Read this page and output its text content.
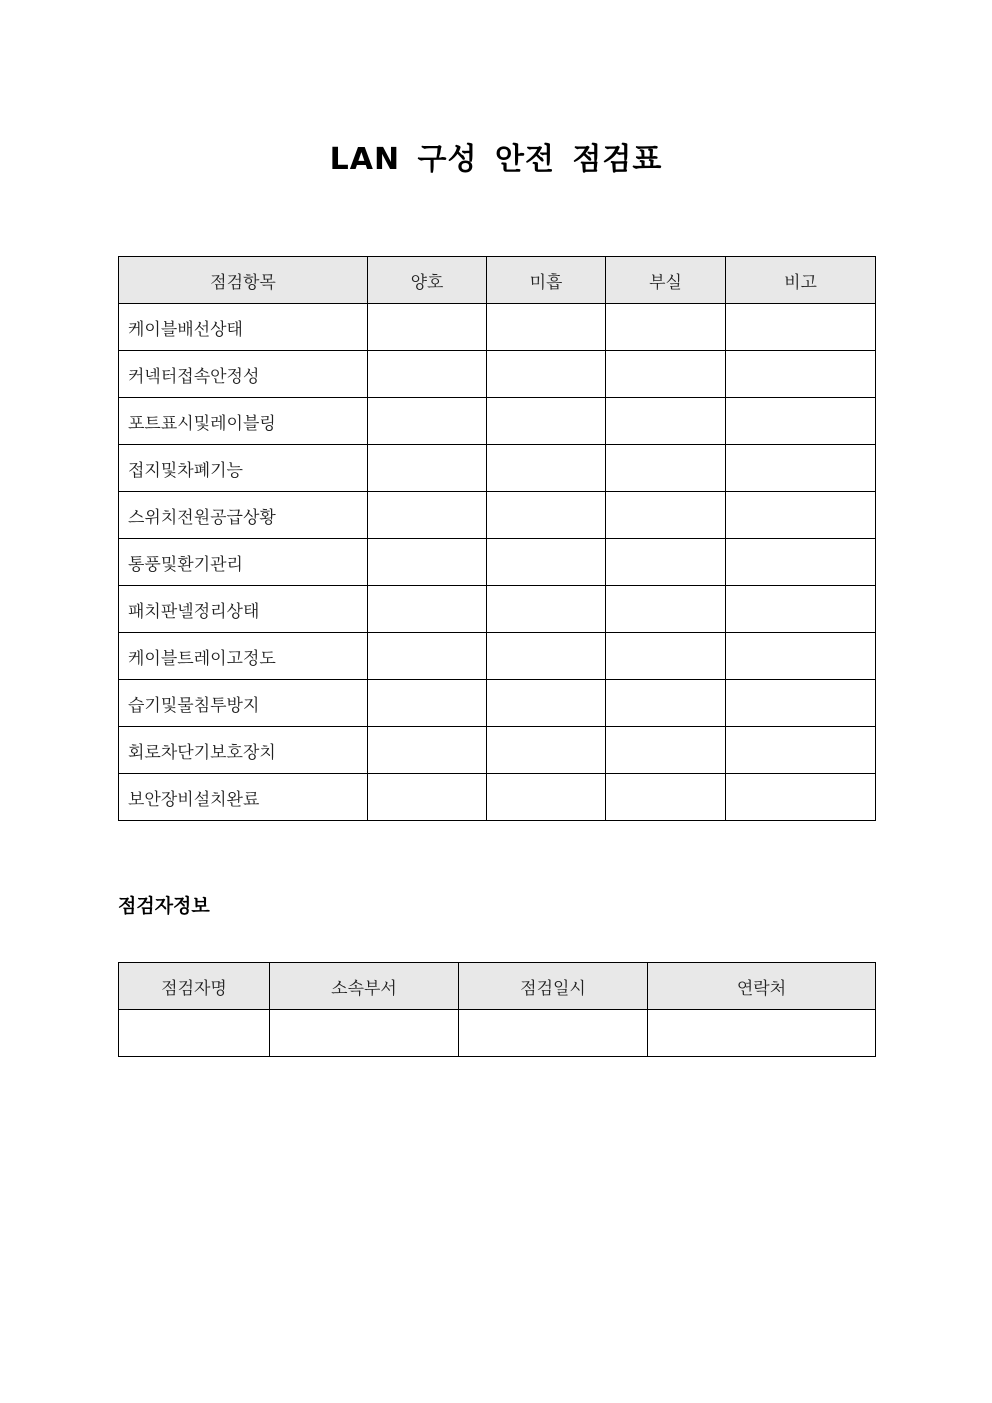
LAN 구성 안전 점검표
점검항목	양호	미흡	부실	비고
케이블배선상태				
커넥터접속안정성				
포트표시및레이블링				
접지및차폐기능				
스위치전원공급상황				
통풍및환기관리				
패치판넬정리상태				
케이블트레이고정도				
습기및물침투방지				
회로차단기보호장치				
보안장비설치완료				
점검자정보
점검자명	소속부서	점검일시	연락처
